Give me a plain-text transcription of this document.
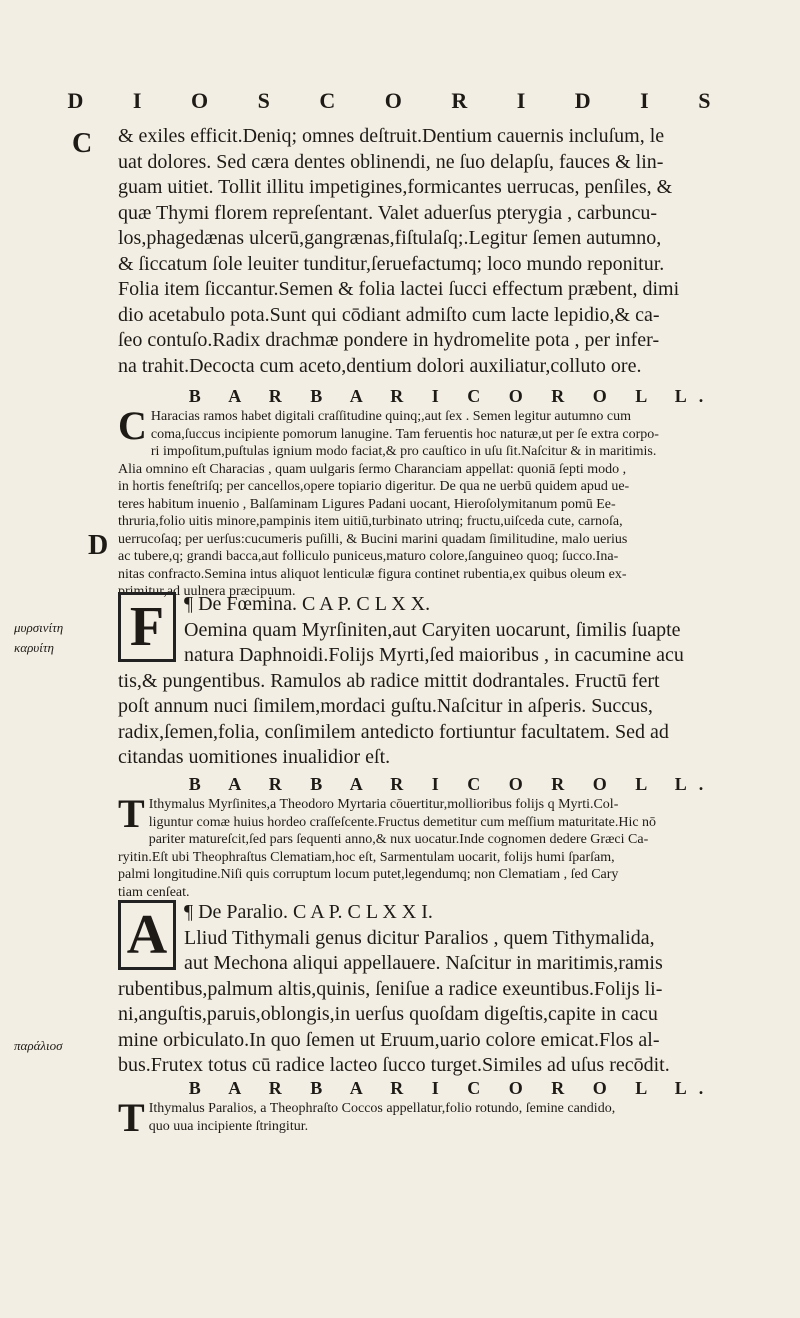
D I O S C O R I D I S
C
D
μυρσινίτη
καρυίτη
παράλιοσ

& exiles efficit.Deniq; omnes deſtruit.Dentium cauernis incluſum, le

uat dolores. Sed cæra dentes oblinendi, ne ſuo delapſu, fauces & lin-

guam uitiet. Tollit illitu impetigines,formicantes uerrucas, penſiles, &

quæ Thymi florem repreſentant. Valet aduerſus pterygia , carbuncu-

los,phagedænas ulcerū,gangrænas,fiſtulaſq;.Legitur ſemen autumno,

& ſiccatum ſole leuiter tunditur,ſeruefactumq; loco mundo reponitur.

Folia item ſiccantur.Semen & folia lactei ſucci effectum præbent, dimi

dio acetabulo pota.Sunt qui cōdiant admiſto cum lacte lepidio,& ca-

ſeo contuſo.Radix drachmæ pondere in hydromelite pota , per infer-

na trahit.Decocta cum aceto,dentium dolori auxiliatur,colluto ore.

B A R B A R I C O R O L L.
C Haracias ramos habet digitali craſſitudine quinq;,aut ſex . Semen legitur autumno cum

coma,ſuccus incipiente pomorum lanugine. Tam feruentis hoc naturæ,ut per ſe extra corpo-

ri impoſitum,puſtulas ignium modo faciat,& pro cauſtico in uſu ſit.Naſcitur & in maritimis.

Alia omnino eſt Characias , quam uulgaris ſermo Charanciam appellat: quoniā ſepti modo ,

in hortis feneſtriſq; per cancellos,opere topiario digeritur. De qua ne uerbū quidem apud ue-

teres habitum inuenio , Balſaminam Ligures Padani uocant, Hieroſolymitanum pomū Ee-

thruria,folio uitis minore,pampinis item uitiū,turbinato utrinq; fructu,uiſceda cute, carnoſa,

uerrucoſaq; per uerſus:cucumeris puſilli, & Bucini marini quadam ſimilitudine, malo uerius

ac tubere,q; grandi bacca,aut folliculo puniceus,maturo colore,ſanguineo quoq; ſucco.Ina-

nitas confracto.Semina intus aliquot lenticulæ figura continet rubentia,ex quibus oleum ex-

primitur,ad uulnera præcipuum.

F ¶ De Fœmina. C A P. C L X X.

Oemina quam Myrſiniten,aut Caryiten uocarunt, ſimilis ſuapte

natura Daphnoidi.Folijs Myrti,ſed maioribus , in cacumine acu

tis,& pungentibus. Ramulos ab radice mittit dodrantales. Fructū fert

poſt annum nuci ſimilem,mordaci guſtu.Naſcitur in aſperis. Succus,

radix,ſemen,folia, conſimilem antedicto fortiuntur facultatem. Sed ad

citandas uomitiones inualidior eſt.

B A R B A R I C O R O L L.
T Ithymalus Myrſinites,a Theodoro Myrtaria cōuertitur,mollioribus folijs q Myrti.Col-

liguntur comæ huius hordeo craſſeſcente.Fructus demetitur cum meſſium maturitate.Hic nō

pariter matureſcit,ſed pars ſequenti anno,& nux uocatur.Inde cognomen dedere Græci Ca-

ryitin.Eſt ubi Theophraſtus Clematiam,hoc eſt, Sarmentulam uocarit, folijs humi ſparſam,

palmi longitudine.Niſi quis corruptum locum putet,legendumq; non Clematiam , ſed Cary

tiam cenſeat.

A ¶ De Paralio. C A P. C L X X I.

Lliud Tithymali genus dicitur Paralios , quem Tithymalida,

aut Mechona aliqui appellauere. Naſcitur in maritimis,ramis

rubentibus,palmum altis,quinis, ſeniſue a radice exeuntibus.Folijs li-

ni,anguſtis,paruis,oblongis,in uerſus quoſdam digeſtis,capite in cacu

mine orbiculato.In quo ſemen ut Eruum,uario colore emicat.Flos al-

bus.Frutex totus cū radice lacteo ſucco turget.Similes ad uſus recōdit.

B A R B A R I C O R O L L.
T Ithymalus Paralios, a Theophraſto Coccos appellatur,folio rotundo, ſemine candido,

quo uua incipiente ſtringitur.
